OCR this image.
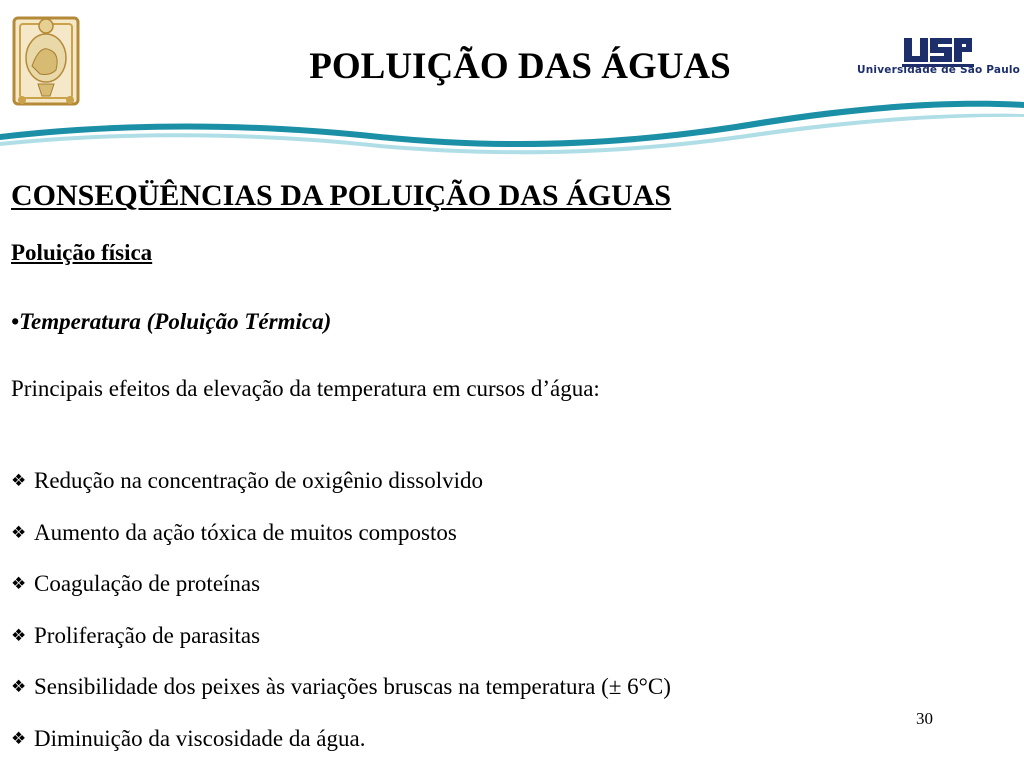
Universidade de São Paulo
POLUIÇÃO DAS ÁGUAS
CONSEQÜÊNCIAS DA POLUIÇÃO DAS ÁGUAS
Poluição física
•Temperatura (Poluição Térmica)
Principais efeitos da elevação da temperatura em cursos d’água:
❖ Redução na concentração de oxigênio dissolvido
❖ Aumento da ação tóxica de muitos compostos
❖ Coagulação de proteínas
❖ Proliferação de parasitas
❖ Sensibilidade dos peixes às variações bruscas na temperatura (± 6°C)
❖ Diminuição da viscosidade da água.
30
